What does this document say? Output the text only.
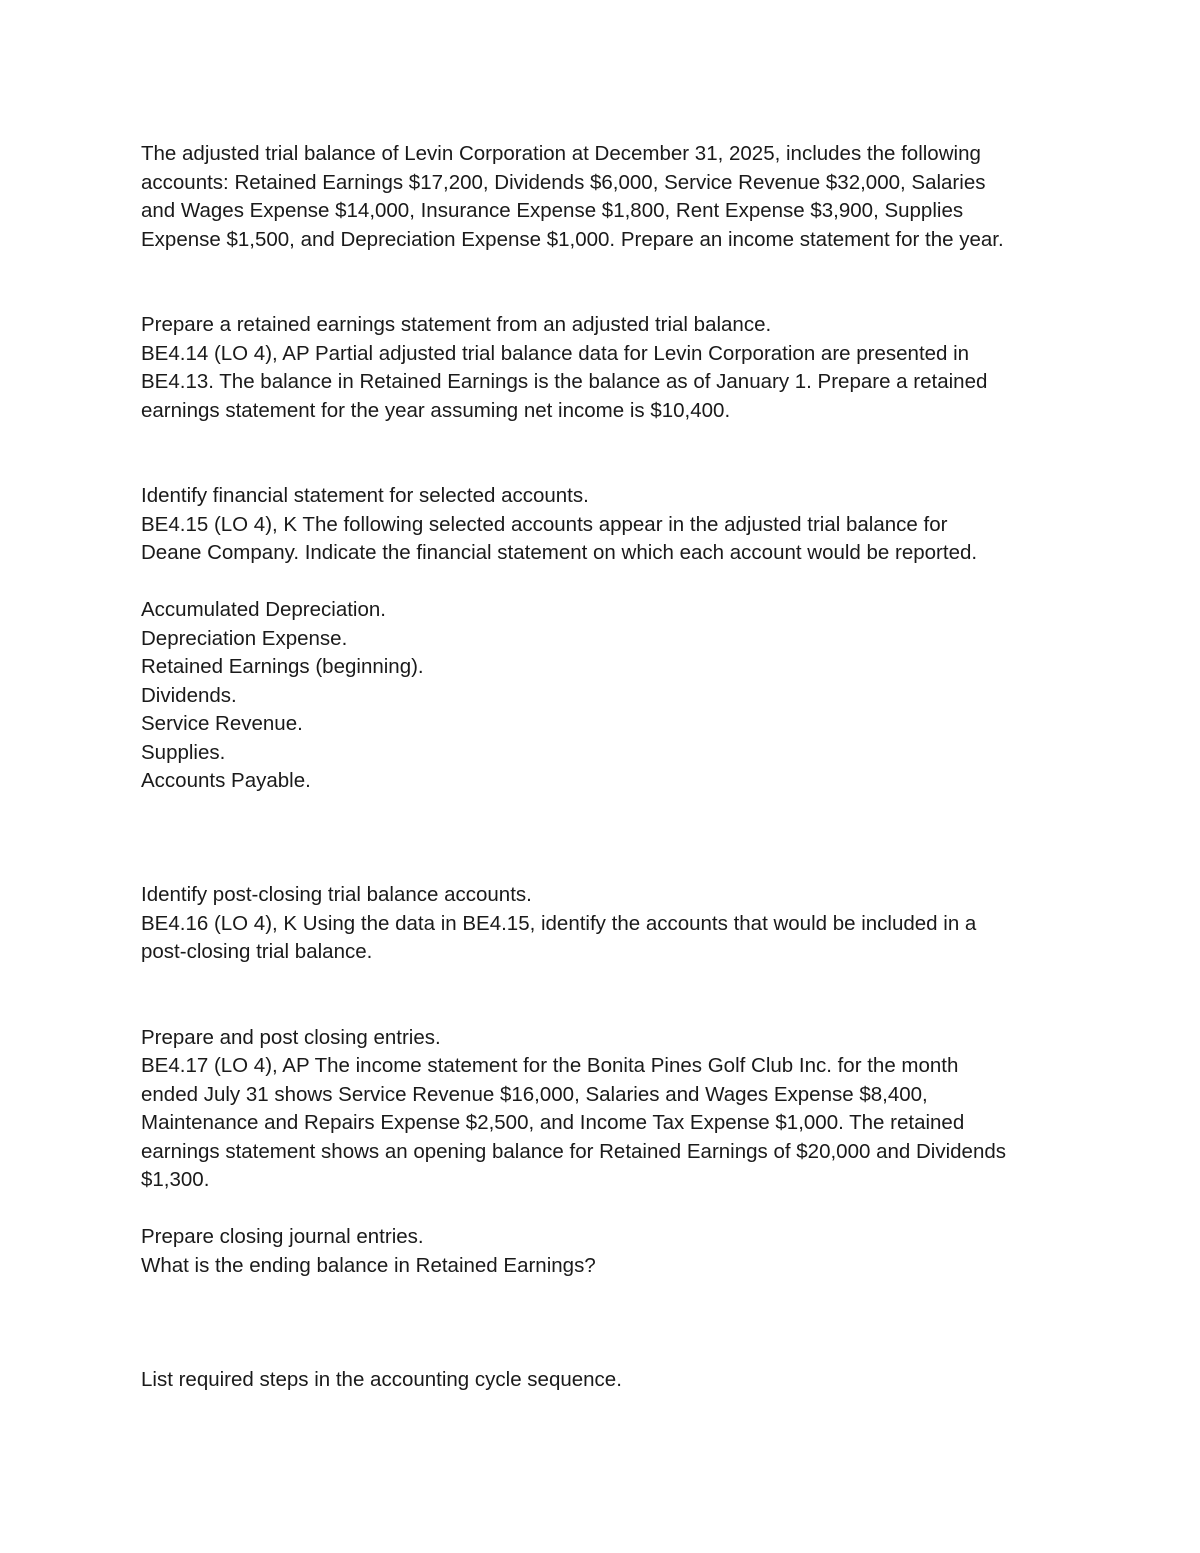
The adjusted trial balance of Levin Corporation at December 31, 2025, includes the following
accounts: Retained Earnings $17,200, Dividends $6,000, Service Revenue $32,000, Salaries
and Wages Expense $14,000, Insurance Expense $1,800, Rent Expense $3,900, Supplies
Expense $1,500, and Depreciation Expense $1,000. Prepare an income statement for the year.
Prepare a retained earnings statement from an adjusted trial balance.
BE4.14 (LO 4), AP Partial adjusted trial balance data for Levin Corporation are presented in
BE4.13. The balance in Retained Earnings is the balance as of January 1. Prepare a retained
earnings statement for the year assuming net income is $10,400.
Identify financial statement for selected accounts.
BE4.15 (LO 4), K The following selected accounts appear in the adjusted trial balance for
Deane Company. Indicate the financial statement on which each account would be reported.
Accumulated Depreciation.
Depreciation Expense.
Retained Earnings (beginning).
Dividends.
Service Revenue.
Supplies.
Accounts Payable.
Identify post-closing trial balance accounts.
BE4.16 (LO 4), K Using the data in BE4.15, identify the accounts that would be included in a
post-closing trial balance.
Prepare and post closing entries.
BE4.17 (LO 4), AP The income statement for the Bonita Pines Golf Club Inc. for the month
ended July 31 shows Service Revenue $16,000, Salaries and Wages Expense $8,400,
Maintenance and Repairs Expense $2,500, and Income Tax Expense $1,000. The retained
earnings statement shows an opening balance for Retained Earnings of $20,000 and Dividends
$1,300.
Prepare closing journal entries.
What is the ending balance in Retained Earnings?
List required steps in the accounting cycle sequence.
